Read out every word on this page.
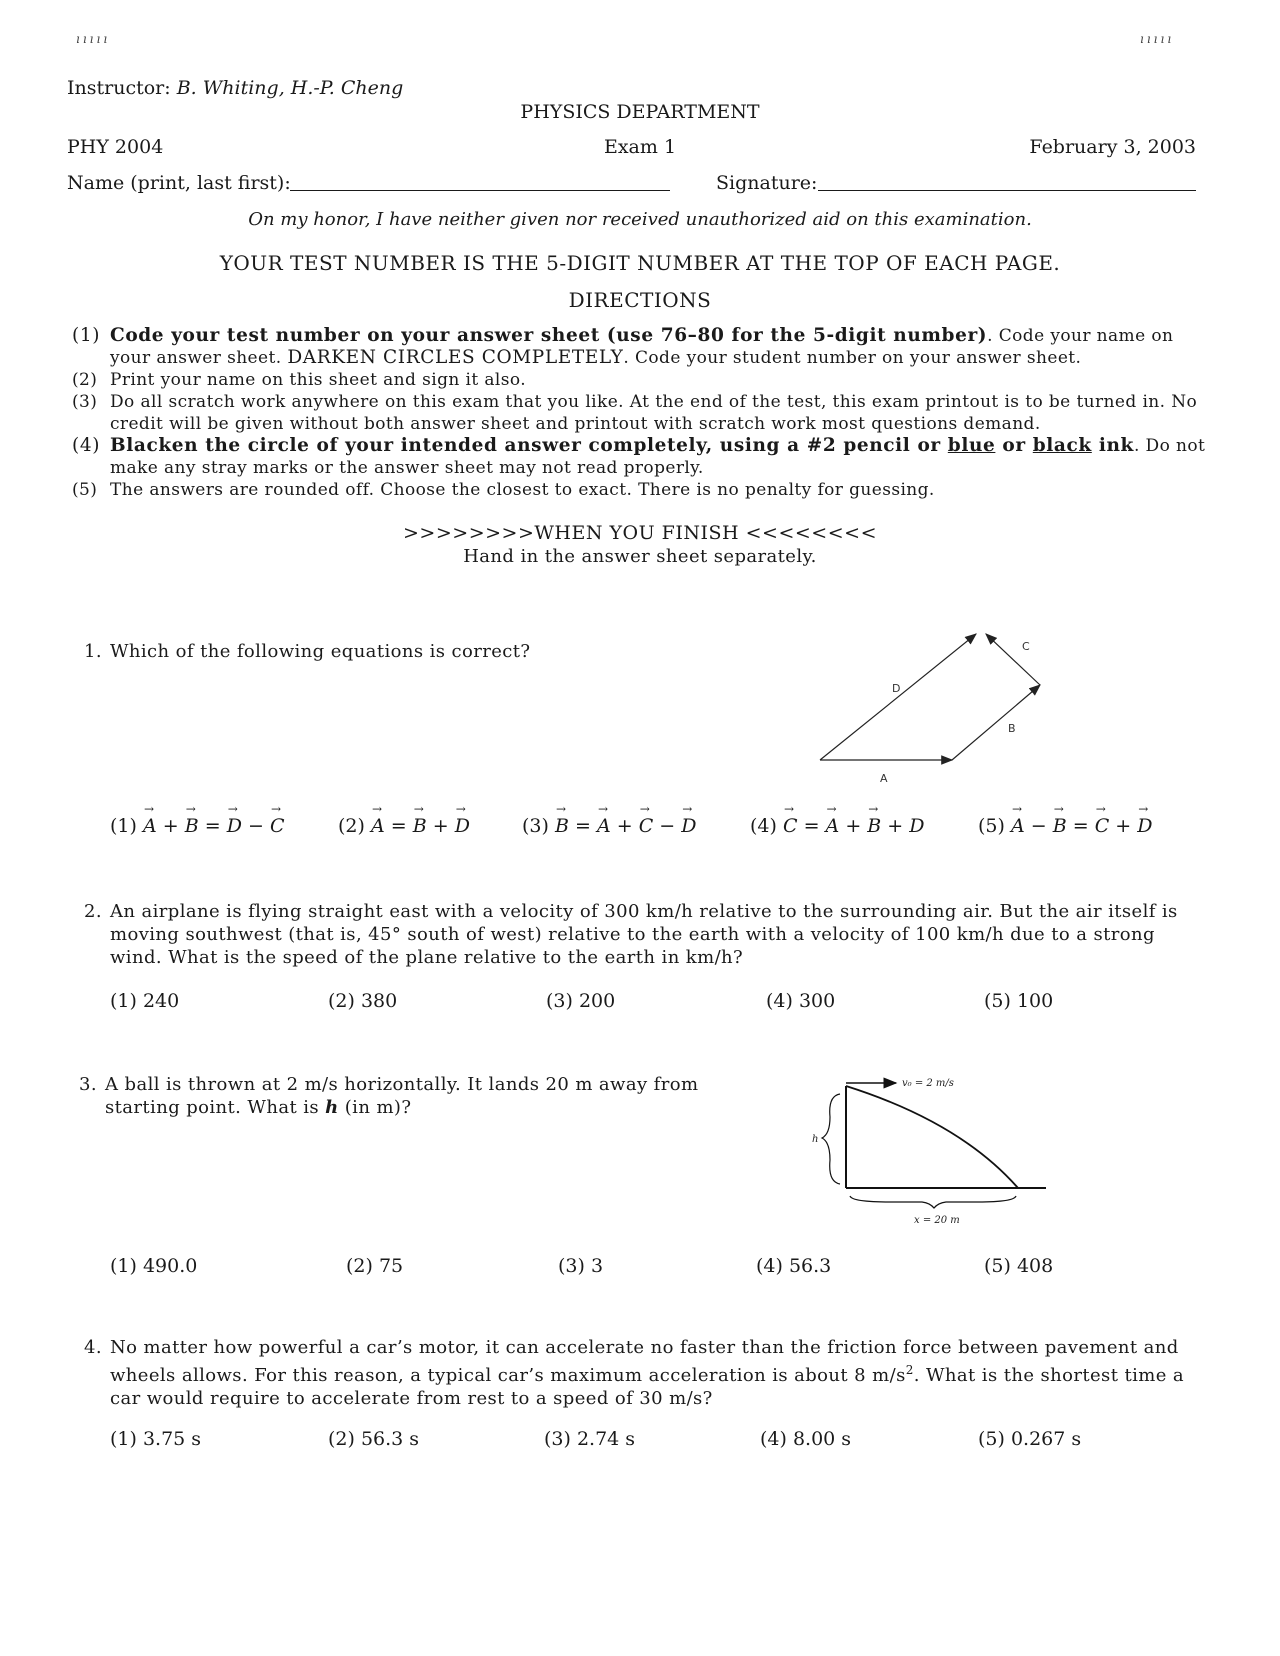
ııııı	ııııı
Instructor: B. Whiting, H.-P. Cheng
PHYSICS DEPARTMENT
PHY 2004	Exam 1	February 3, 2003
Name (print, last first):	Signature:
On my honor, I have neither given nor received unauthorized aid on this examination.
YOUR TEST NUMBER IS THE 5-DIGIT NUMBER AT THE TOP OF EACH PAGE.
DIRECTIONS

(1) Code your test number on your answer sheet (use 76–80 for the 5-digit number). Code your name on your answer sheet. DARKEN CIRCLES COMPLETELY. Code your student number on your answer sheet.

(2) Print your name on this sheet and sign it also.

(3) Do all scratch work anywhere on this exam that you like. At the end of the test, this exam printout is to be turned in. No credit will be given without both answer sheet and printout with scratch work most questions demand.

(4) Blacken the circle of your intended answer completely, using a #2 pencil or blue or black ink. Do not make any stray marks or the answer sheet may not read properly.

(5) The answers are rounded off. Choose the closest to exact. There is no penalty for guessing.

>>>>>>>>WHEN YOU FINISH <<<<<<<<
Hand in the answer sheet separately.
1. Which of the following equations is correct?
A
B
C
D
(1) → A + → B = → D − → C	(2) → A = → B + → D	(3) → B = → A + → C − → D	(4) → C = → A + → B + D	(5) → A − → B = → C + → D
2. An airplane is flying straight east with a velocity of 300 km/h relative to the surrounding air. But the air itself is moving southwest (that is, 45° south of west) relative to the earth with a velocity of 100 km/h due to a strong wind. What is the speed of the plane relative to the earth in km/h?
(1) 240	(2) 380	(3) 200	(4) 300	(5) 100
3. A ball is thrown at 2 m/s horizontally. It lands 20 m away from starting point. What is h (in m)?
v₀ = 2 m/s
h
x = 20 m
(1) 490.0	(2) 75	(3) 3	(4) 56.3	(5) 408
4. No matter how powerful a car’s motor, it can accelerate no faster than the friction force between pavement and wheels allows. For this reason, a typical car’s maximum acceleration is about 8 $m/s^2$. What is the shortest time a car would require to accelerate from rest to a speed of 30 m/s?
(1) 3.75 s	(2) 56.3 s	(3) 2.74 s	(4) 8.00 s	(5) 0.267 s
